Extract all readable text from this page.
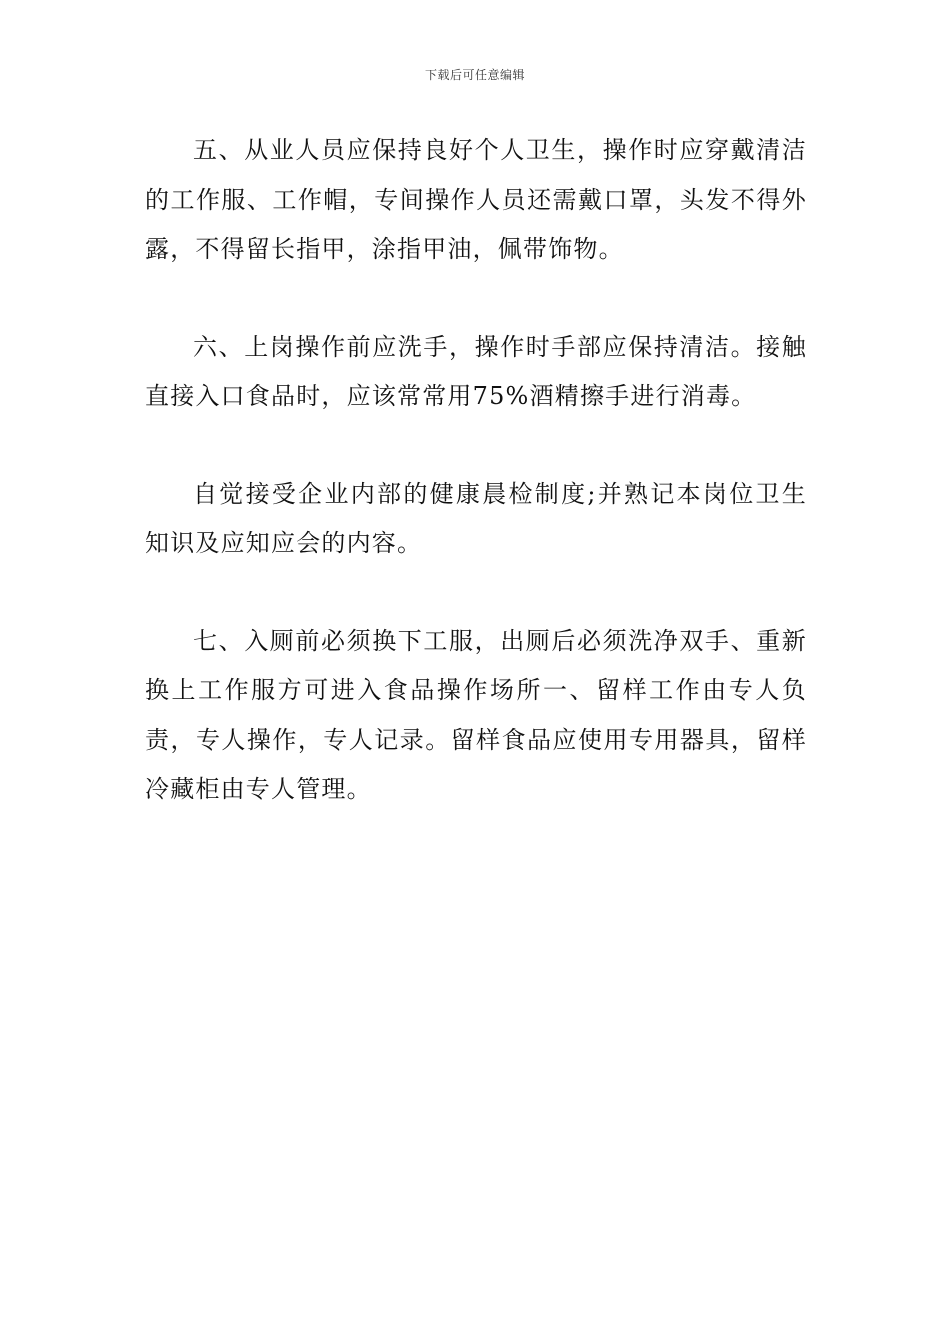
下载后可任意编辑

五、从业人员应保持良好个人卫生，操作时应穿戴清洁的工作服、工作帽，专间操作人员还需戴口罩，头发不得外露，不得留长指甲，涂指甲油，佩带饰物。

六、上岗操作前应洗手，操作时手部应保持清洁。接触直接入口食品时，应该常常用75%酒精擦手进行消毒。

自觉接受企业内部的健康晨检制度;并熟记本岗位卫生知识及应知应会的内容。

七、入厕前必须换下工服，出厕后必须洗净双手、重新换上工作服方可进入食品操作场所一、留样工作由专人负责，专人操作，专人记录。留样食品应使用专用器具，留样冷藏柜由专人管理。
